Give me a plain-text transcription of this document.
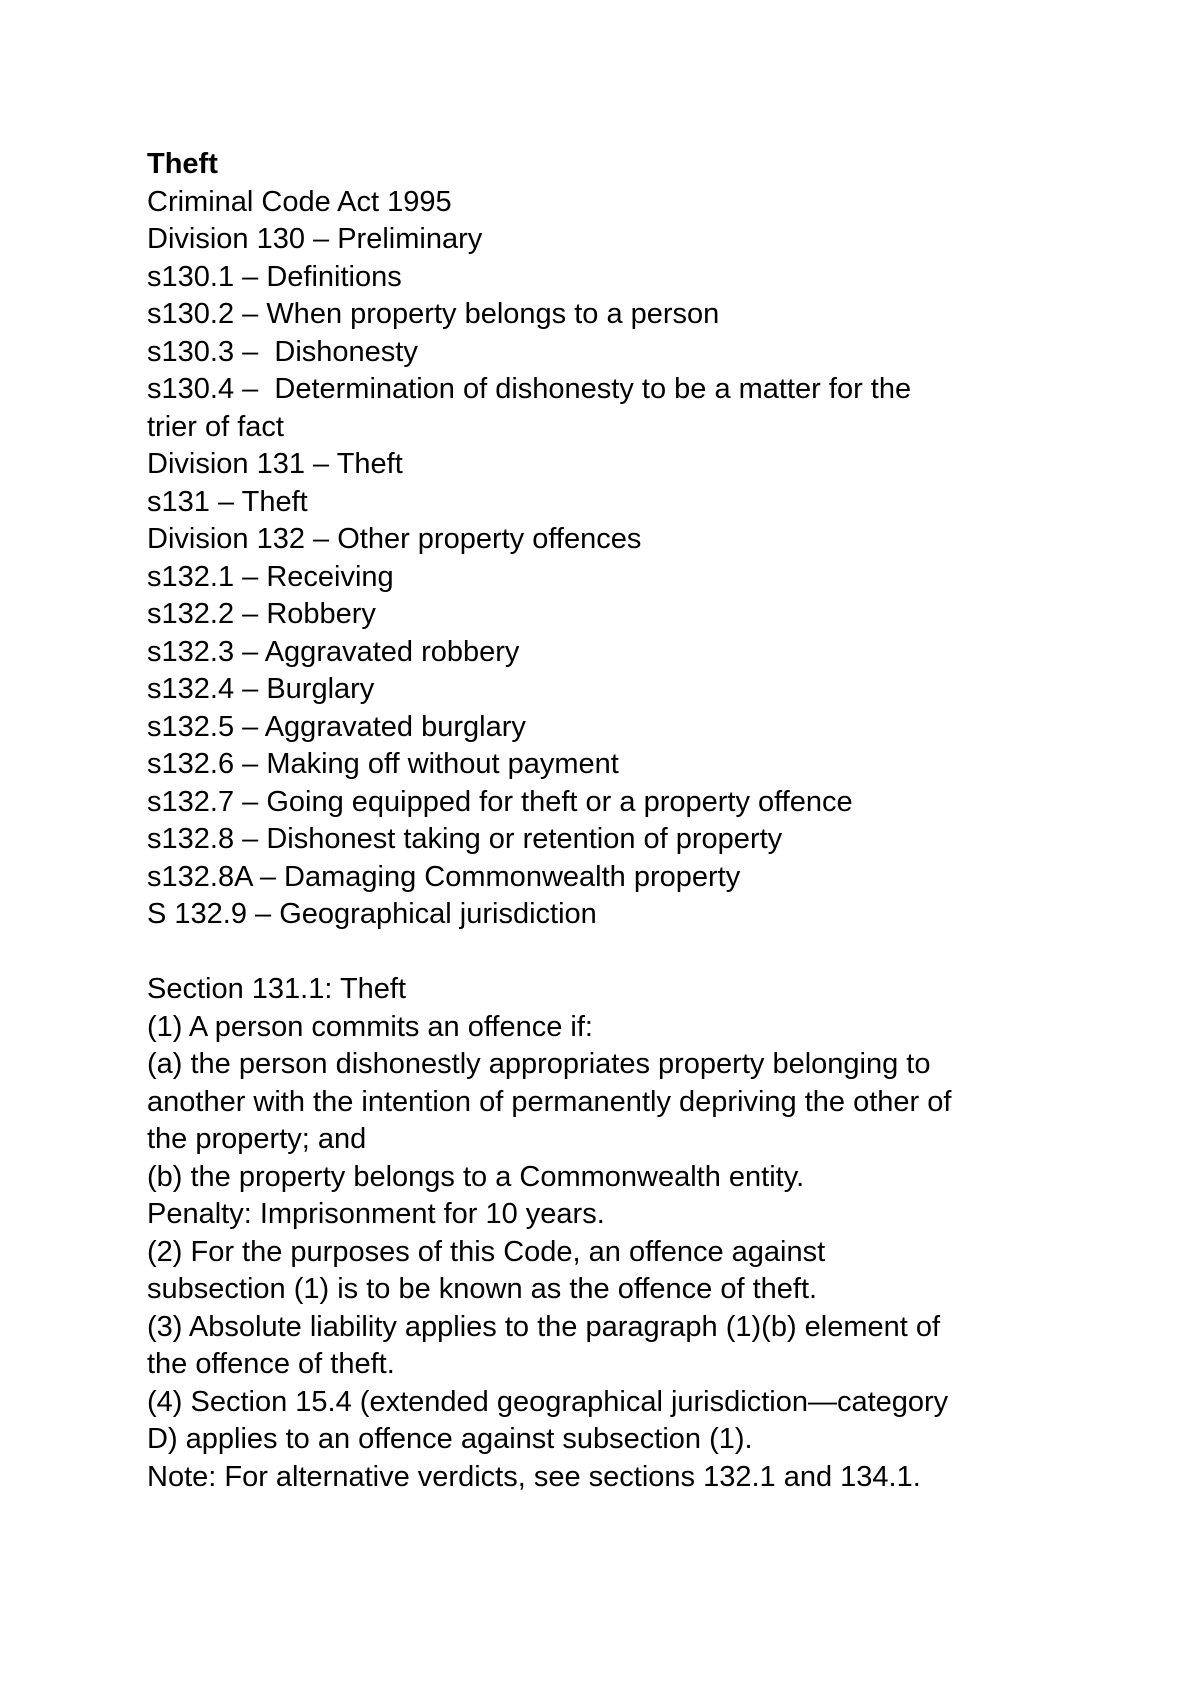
Theft
Criminal Code Act 1995
Division 130 – Preliminary
s130.1 – Definitions
s130.2 – When property belongs to a person
s130.3 –  Dishonesty
s130.4 –  Determination of dishonesty to be a matter for the
trier of fact
Division 131 – Theft
s131 – Theft
Division 132 – Other property offences
s132.1 – Receiving
s132.2 – Robbery
s132.3 – Aggravated robbery
s132.4 – Burglary
s132.5 – Aggravated burglary
s132.6 – Making off without payment
s132.7 – Going equipped for theft or a property offence
s132.8 – Dishonest taking or retention of property
s132.8A – Damaging Commonwealth property
S 132.9 – Geographical jurisdiction
Section 131.1: Theft
(1) A person commits an offence if:
(a) the person dishonestly appropriates property belonging to
another with the intention of permanently depriving the other of
the property; and
(b) the property belongs to a Commonwealth entity.
Penalty: Imprisonment for 10 years.
(2) For the purposes of this Code, an offence against
subsection (1) is to be known as the offence of theft.
(3) Absolute liability applies to the paragraph (1)(b) element of
the offence of theft.
(4) Section 15.4 (extended geographical jurisdiction—category
D) applies to an offence against subsection (1).
Note: For alternative verdicts, see sections 132.1 and 134.1.
